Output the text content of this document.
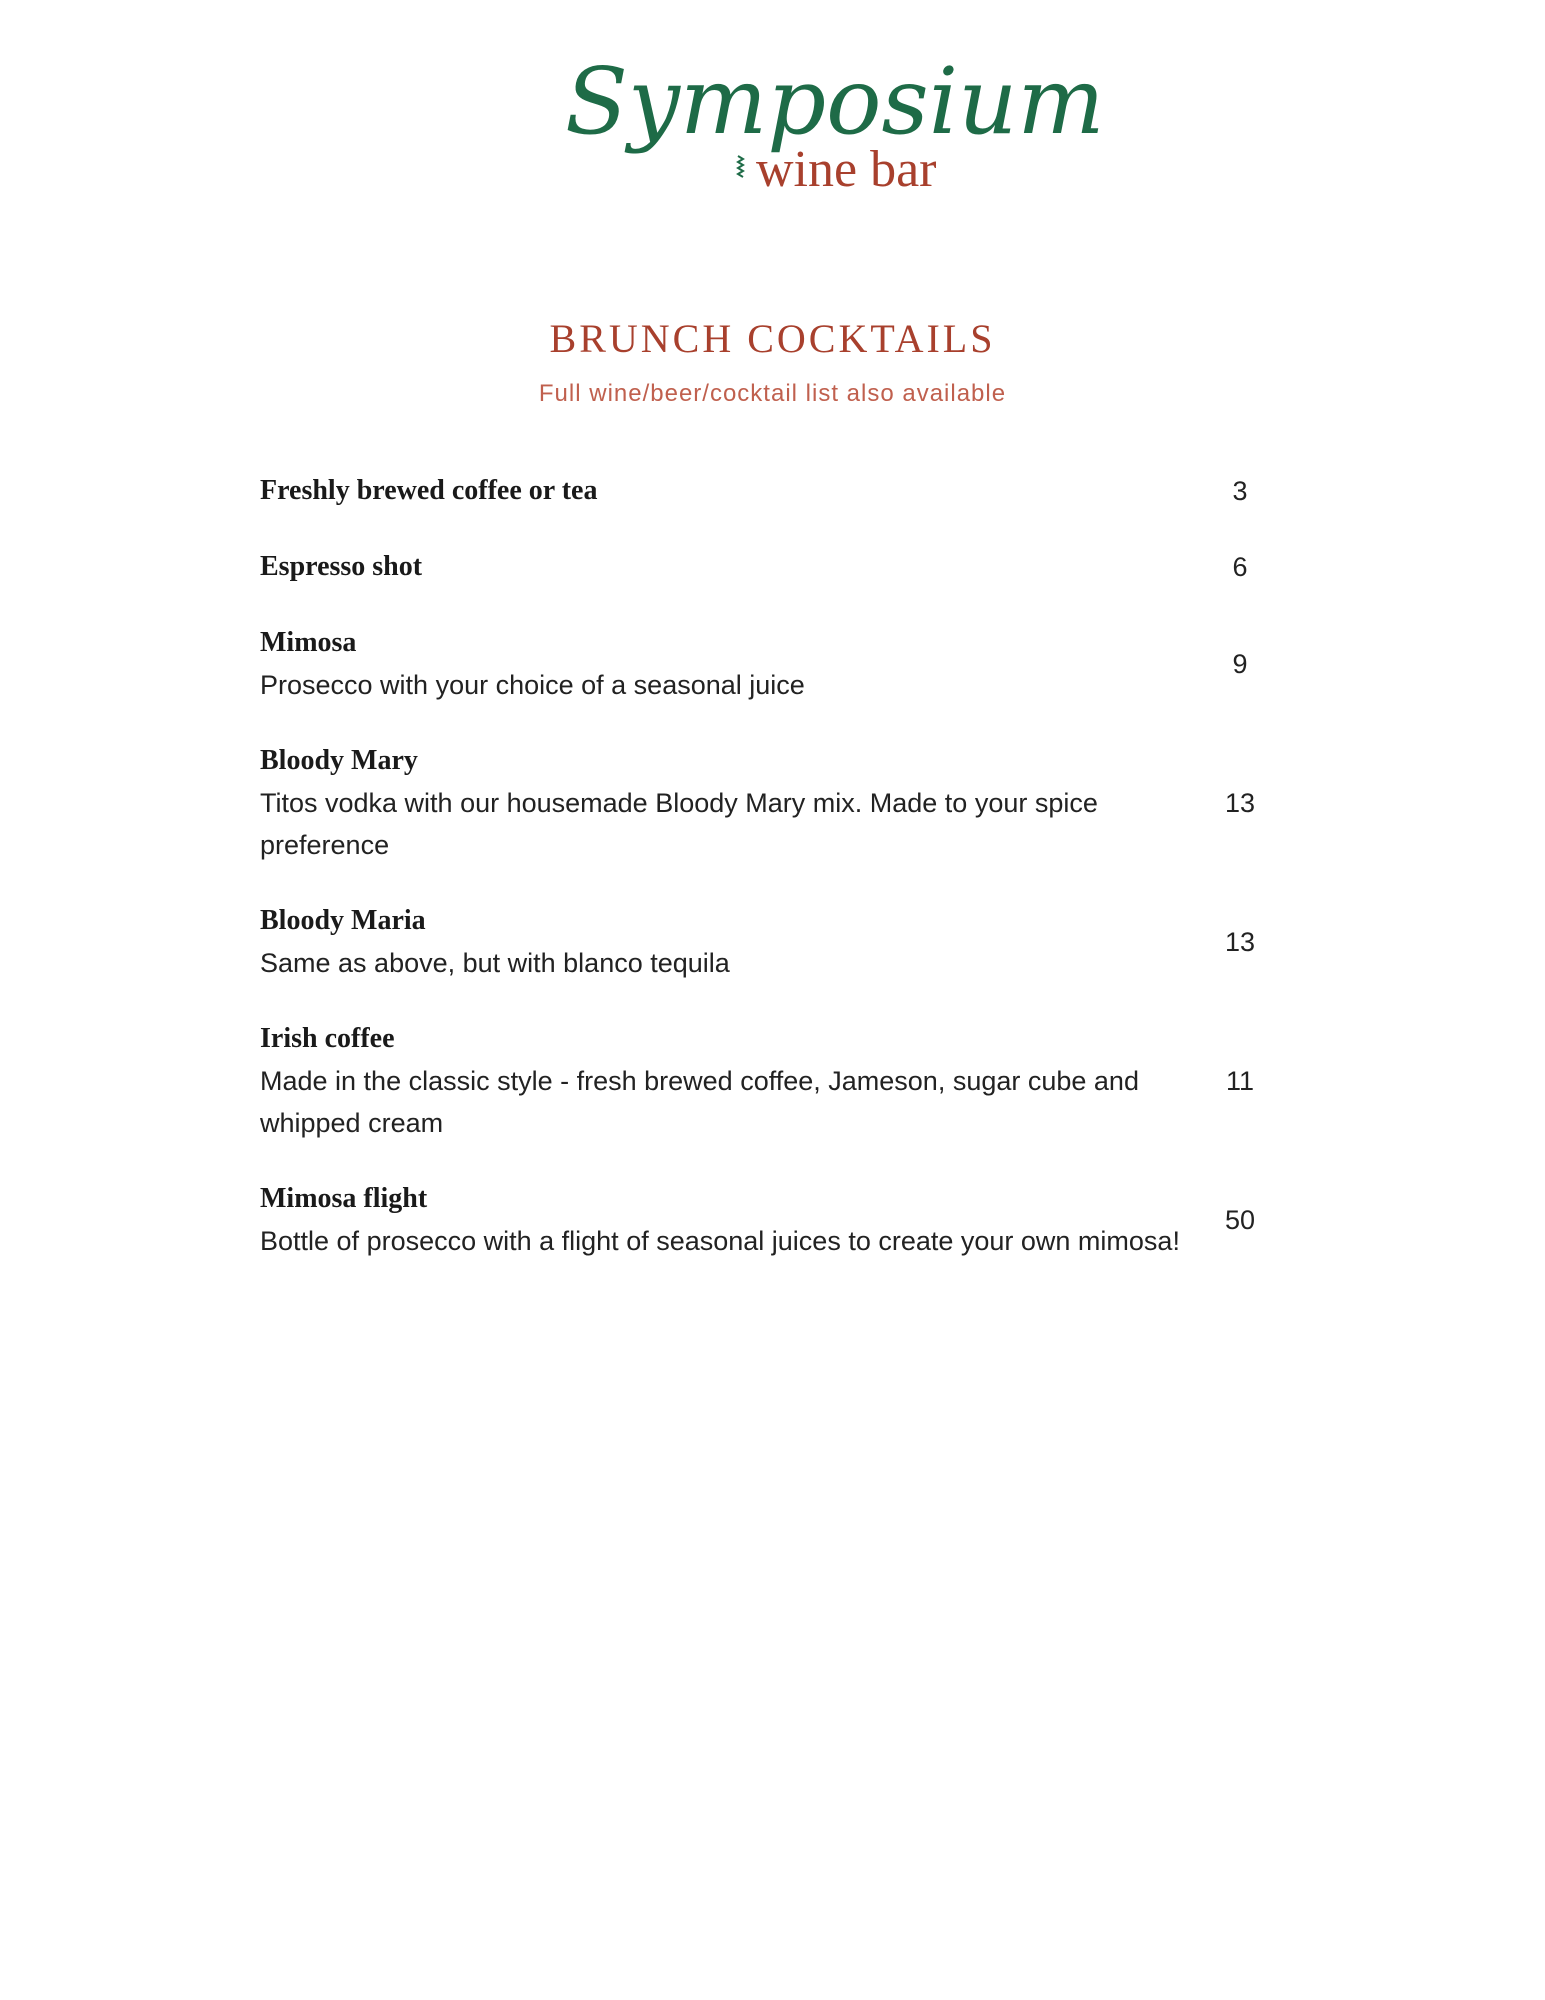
Symposium
wine bar
BRUNCH COCKTAILS

Full wine/beer/cocktail list also available

Freshly brewed coffee or tea	3
Espresso shot	6
Mimosa
Prosecco with your choice of a seasonal juice
9
Bloody Mary
Titos vodka with our housemade Bloody Mary mix. Made to your spice preference
13
Bloody Maria
Same as above, but with blanco tequila
13
Irish coffee
Made in the classic style - fresh brewed coffee, Jameson, sugar cube and whipped cream
11
Mimosa flight
Bottle of prosecco with a flight of seasonal juices to create your own mimosa!
50
